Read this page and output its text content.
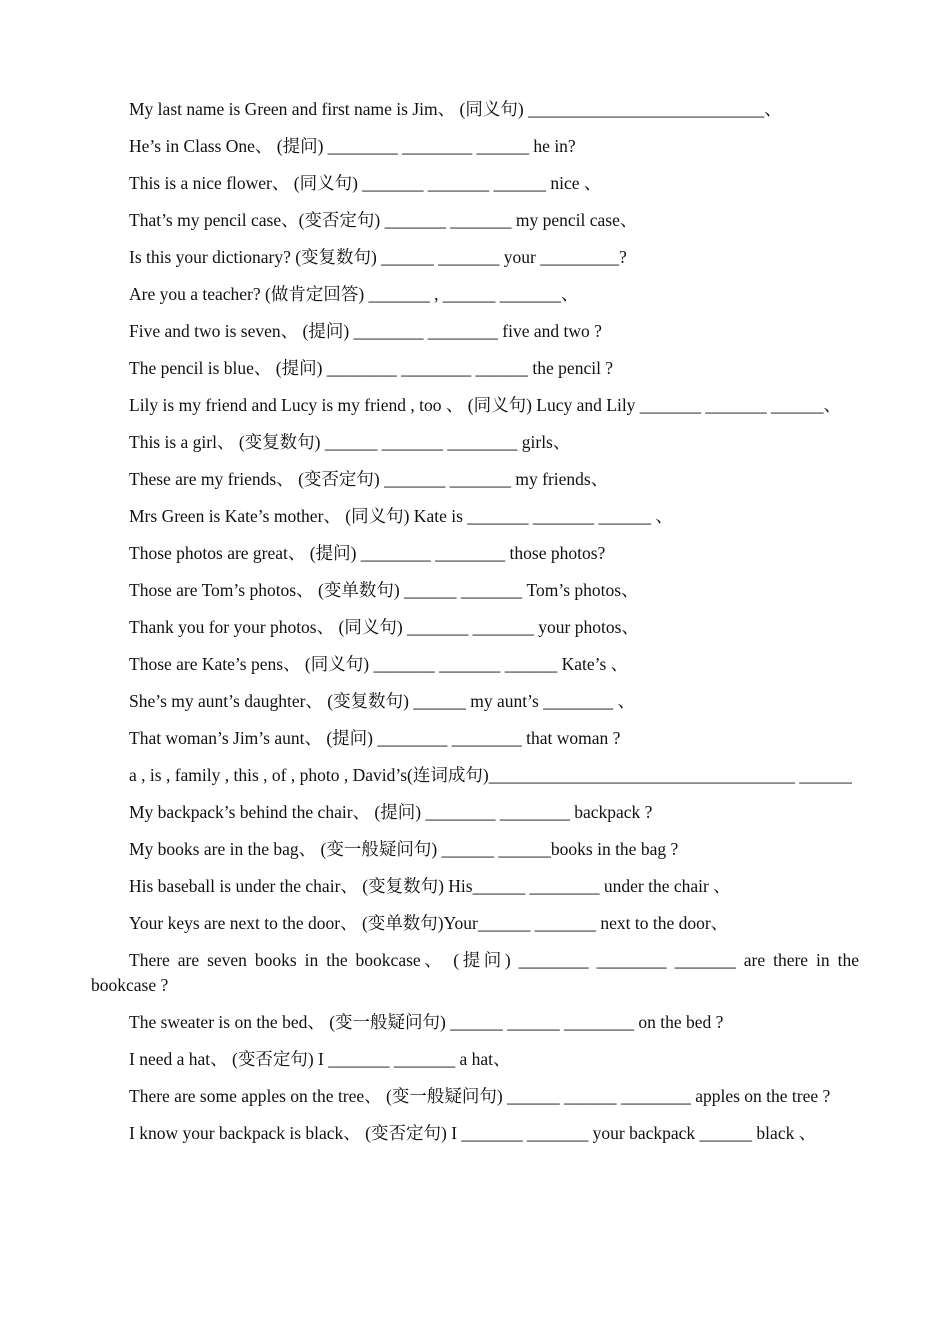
My last name is Green and first name is Jim、 (同义句) ___________________________、

He’s in Class One、 (提问) ________ ________ ______ he in?

This is a nice flower、 (同义句) _______ _______ ______ nice 、

That’s my pencil case、(变否定句) _______ _______ my pencil case、

Is this your dictionary? (变复数句) ______ _______ your _________?

Are you a teacher? (做肯定回答) _______ , ______ _______、

Five and two is seven、 (提问) ________ ________ five and two ?

The pencil is blue、 (提问) ________ ________ ______ the pencil ?

Lily is my friend and Lucy is my friend , too 、 (同义句) Lucy and Lily _______ _______ ______、

This is a girl、 (变复数句) ______ _______ ________ girls、

These are my friends、 (变否定句) _______ _______ my friends、

Mrs Green is Kate’s mother、 (同义句) Kate is _______ _______ ______ 、

Those photos are great、 (提问) ________ ________ those photos?

Those are Tom’s photos、 (变单数句) ______ _______ Tom’s photos、

Thank you for your photos、 (同义句) _______ _______ your photos、

Those are Kate’s pens、 (同义句) _______ _______ ______ Kate’s 、

She’s my aunt’s daughter、 (变复数句) ______ my aunt’s ________ 、

That woman’s Jim’s aunt、 (提问) ________ ________ that woman ?

a , is , family , this , of , photo , David’s(连词成句)___________________________________ ______

My backpack’s behind the chair、 (提问) ________ ________ backpack ?

My books are in the bag、 (变一般疑问句) ______ ______books in the bag ?

His baseball is under the chair、 (变复数句) His______ ________ under the chair 、

Your keys are next to the door、 (变单数句)Your______ _______ next to the door、

There are seven books in the bookcase、 (提问) ________ ________ _______ are there in the bookcase ?

The sweater is on the bed、 (变一般疑问句) ______ ______ ________ on the bed ?

I need a hat、 (变否定句) I _______ _______ a hat、

There are some apples on the tree、 (变一般疑问句) ______ ______ ________ apples on the tree ?

I know your backpack is black、 (变否定句) I _______ _______ your backpack ______ black 、
